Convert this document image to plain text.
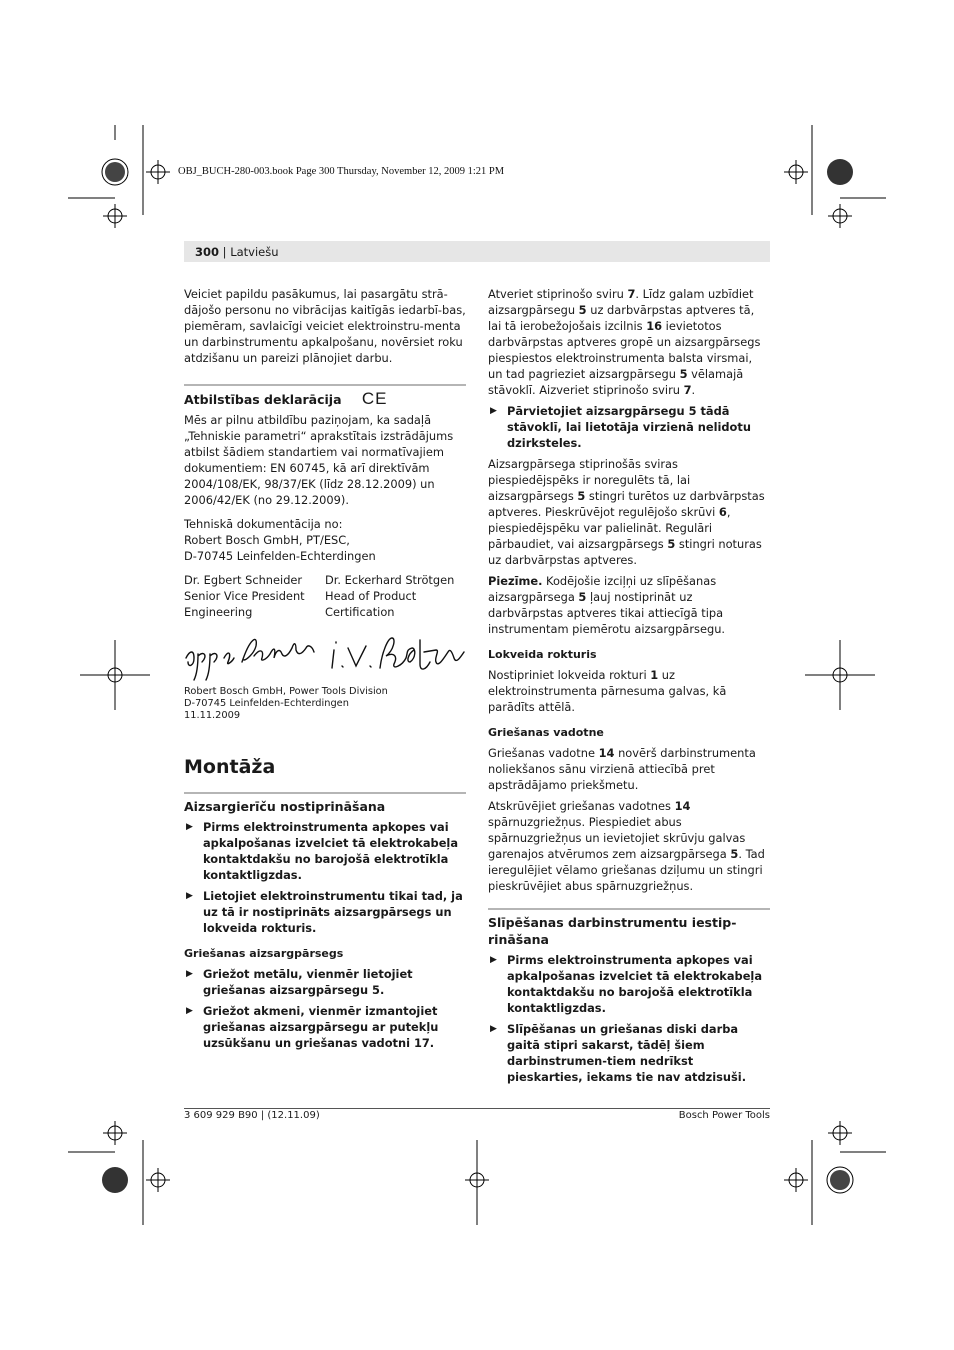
OBJ_BUCH-280-003.book Page 300 Thursday, November 12, 2009 1:21 PM
300 | Latviešu

Veiciet papildu pasākumus, lai pasargātu strā-dājošo personu no vibrācijas kaitīgās iedarbī-bas, piemēram, savlaicīgi veiciet elektroinstru-menta un darbinstrumentu apkalpošanu, novērsiet roku atdzišanu un pareizi plānojiet darbu.

Atbilstības deklarācija CE

Mēs ar pilnu atbildību paziņojam, ka sadaļā „Tehniskie parametri“ aprakstītais izstrādājums atbilst šādiem standartiem vai normatīvajiem dokumentiem: EN 60745, kā arī direktīvām 2004/108/EK, 98/37/EK (līdz 28.12.2009) un 2006/42/EK (no 29.12.2009).

Tehniskā dokumentācija no:
Robert Bosch GmbH, PT/ESC,
D-70745 Leinfelden-Echterdingen

Dr. Egbert Schneider
Senior Vice President
Engineering
Dr. Eckerhard Strötgen
Head of Product
Certification
Robert Bosch GmbH, Power Tools Division
D-70745 Leinfelden-Echterdingen
11.11.2009
Montāža
Aizsargierīču nostiprināšana
▶ Pirms elektroinstrumenta apkopes vai apkalpošanas izvelciet tā elektrokabeļa kontaktdakšu no barojošā elektrotīkla kontaktligzdas.
▶ Lietojiet elektroinstrumentu tikai tad, ja uz tā ir nostiprināts aizsargpārsegs un lokveida rokturis.
Griešanas aizsargpārsegs
▶ Griežot metālu, vienmēr lietojiet griešanas aizsargpārsegu 5.
▶ Griežot akmeni, vienmēr izmantojiet griešanas aizsargpārsegu ar putekļu uzsūkšanu un griešanas vadotni 17.

Atveriet stiprinošo sviru 7. Līdz galam uzbīdiet aizsargpārsegu 5 uz darbvārpstas aptveres tā, lai tā ierobežojošais izcilnis 16 ievietotos darbvārpstas aptveres gropē un aizsargpārsegs piespiestos elektroinstrumenta balsta virsmai, un tad pagrieziet aizsargpārsegu 5 vēlamajā stāvoklī. Aizveriet stiprinošo sviru 7.

▶ Pārvietojiet aizsargpārsegu 5 tādā stāvoklī, lai lietotāja virzienā nelidotu dzirksteles.

Aizsargpārsega stiprinošās sviras piespiedējspēks ir noregulēts tā, lai aizsargpārsegs 5 stingri turētos uz darbvārpstas aptveres. Pieskrūvējot regulējošo skrūvi 6, piespiedējspēku var palielināt. Regulāri pārbaudiet, vai aizsargpārsegs 5 stingri noturas uz darbvārpstas aptveres.

Piezīme. Kodējošie izciļņi uz slīpēšanas aizsargpārsega 5 ļauj nostiprināt uz darbvārpstas aptveres tikai attiecīgā tipa instrumentam piemērotu aizsargpārsegu.

Lokveida rokturis

Nostipriniet lokveida rokturi 1 uz elektroinstrumenta pārnesuma galvas, kā parādīts attēlā.

Griešanas vadotne

Griešanas vadotne 14 novērš darbinstrumenta noliekšanos sānu virzienā attiecībā pret apstrādājamo priekšmetu.

Atskrūvējiet griešanas vadotnes 14 spārnuzgriežņus. Piespiediet abus spārnuzgriežņus un ievietojiet skrūvju galvas garenajos atvērumos zem aizsargpārsega 5. Tad ieregulējiet vēlamo griešanas dziļumu un stingri pieskrūvējiet abus spārnuzgriežņus.

Slīpēšanas darbinstrumentu iestip-rināšana
▶ Pirms elektroinstrumenta apkopes vai apkalpošanas izvelciet tā elektrokabeļa kontaktdakšu no barojošā elektrotīkla kontaktligzdas.
▶ Slīpēšanas un griešanas diski darba gaitā stipri sakarst, tādēļ šiem darbinstrumen-tiem nedrīkst pieskarties, iekams tie nav atdzisuši.
3 609 929 B90 | (12.11.09)	Bosch Power Tools
